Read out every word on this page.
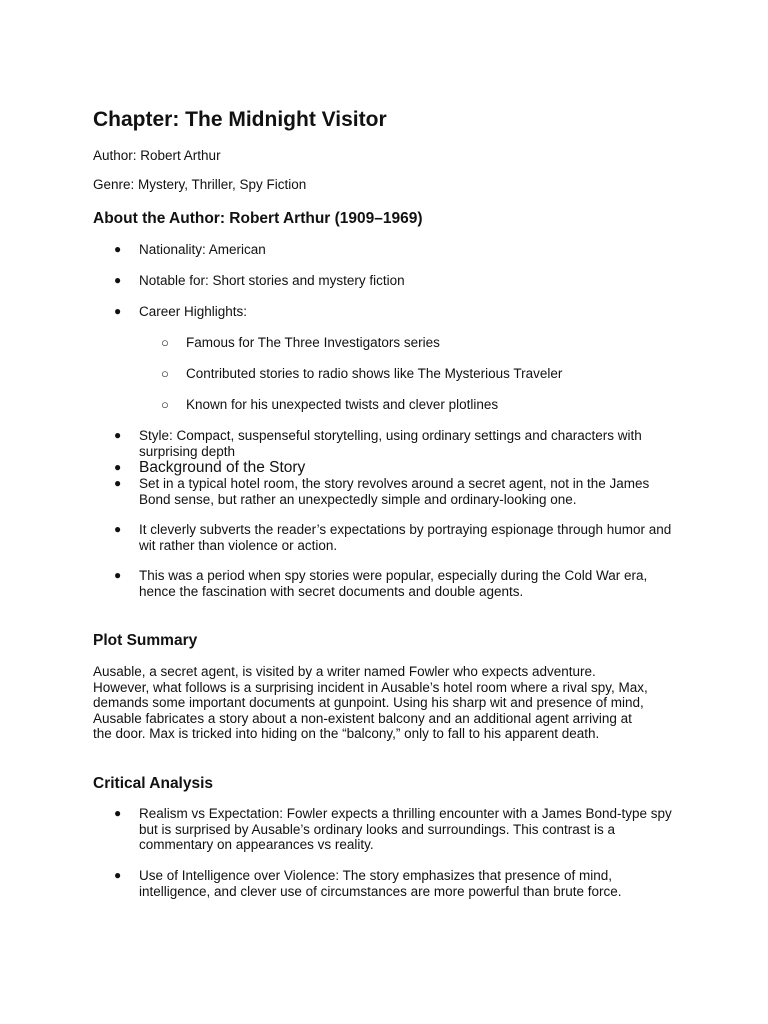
Chapter: The Midnight Visitor
Author: Robert Arthur
Genre: Mystery, Thriller, Spy Fiction
About the Author: Robert Arthur (1909–1969)
● Nationality: American
● Notable for: Short stories and mystery fiction
● Career Highlights:
○ Famous for The Three Investigators series
○ Contributed stories to radio shows like The Mysterious Traveler
○ Known for his unexpected twists and clever plotlines
● Style: Compact, suspenseful storytelling, using ordinary settings and characters with surprising depth
● Background of the Story
● Set in a typical hotel room, the story revolves around a secret agent, not in the James Bond sense, but rather an unexpectedly simple and ordinary-looking one.
● It cleverly subverts the reader’s expectations by portraying espionage through humor and wit rather than violence or action.
● This was a period when spy stories were popular, especially during the Cold War era, hence the fascination with secret documents and double agents.
Plot Summary
Ausable, a secret agent, is visited by a writer named Fowler who expects adventure. However, what follows is a surprising incident in Ausable’s hotel room where a rival spy, Max, demands some important documents at gunpoint. Using his sharp wit and presence of mind, Ausable fabricates a story about a non-existent balcony and an additional agent arriving at the door. Max is tricked into hiding on the “balcony,” only to fall to his apparent death.
Critical Analysis
● Realism vs Expectation: Fowler expects a thrilling encounter with a James Bond-type spy but is surprised by Ausable’s ordinary looks and surroundings. This contrast is a commentary on appearances vs reality.
● Use of Intelligence over Violence: The story emphasizes that presence of mind, intelligence, and clever use of circumstances are more powerful than brute force.
